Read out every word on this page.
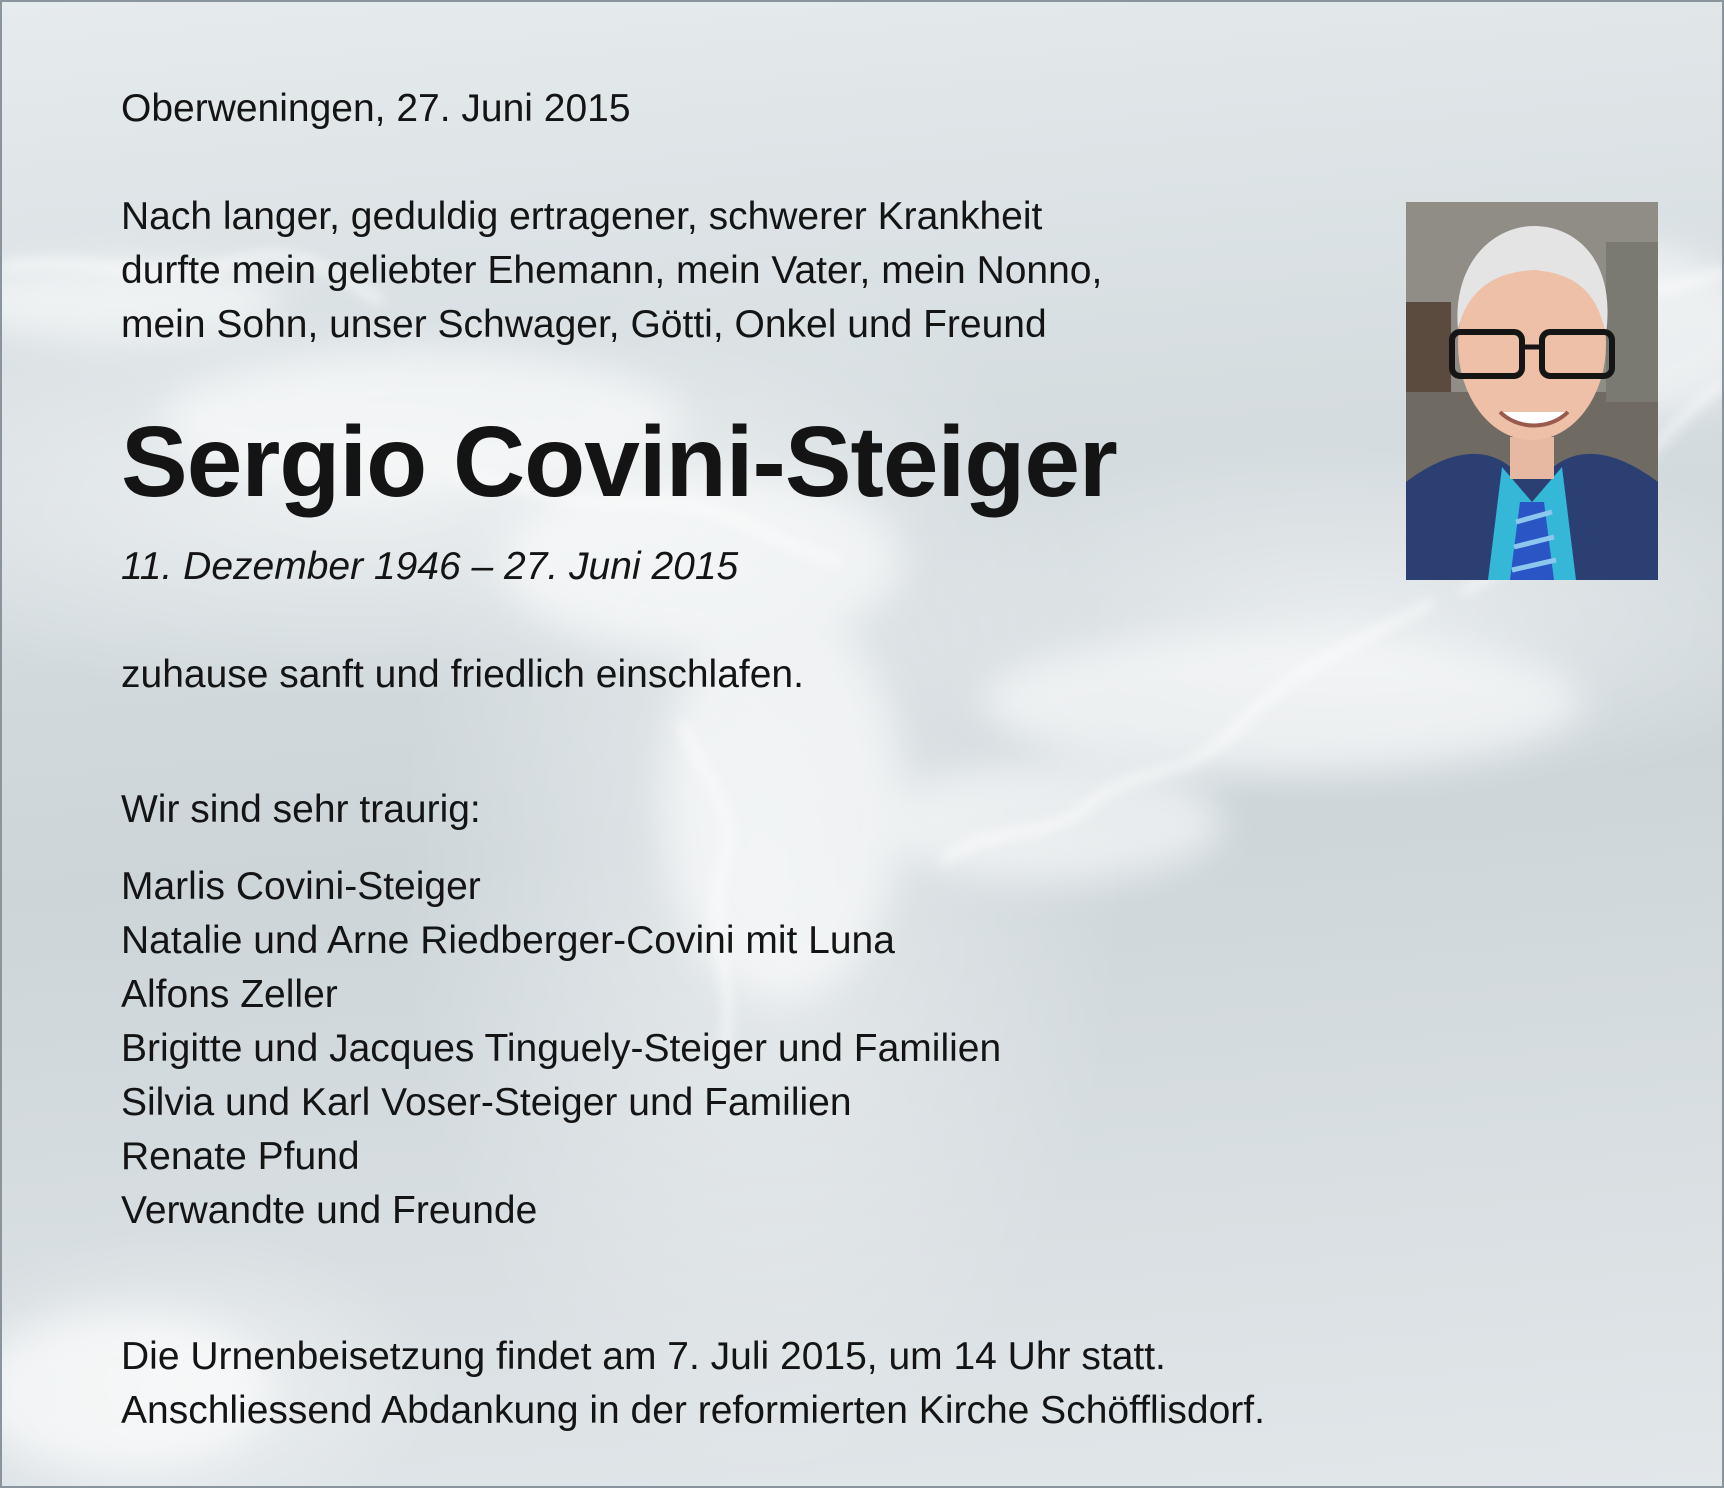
Oberweningen, 27. Juni 2015

Nach langer, geduldig ertragener, schwerer Krankheit
durfte mein geliebter Ehemann, mein Vater, mein Nonno,
mein Sohn, unser Schwager, Götti, Onkel und Freund
Sergio Covini-Steiger

11. Dezember 1946 – 27. Juni 2015

zuhause sanft und friedlich einschlafen.

Wir sind sehr traurig:

Marlis Covini-Steiger
Natalie und Arne Riedberger-Covini mit Luna
Alfons Zeller
Brigitte und Jacques Tinguely-Steiger und Familien
Silvia und Karl Voser-Steiger und Familien
Renate Pfund
Verwandte und Freunde
Die Urnenbeisetzung findet am 7. Juli 2015, um 14 Uhr statt.
Anschliessend Abdankung in der reformierten Kirche Schöfflisdorf.
